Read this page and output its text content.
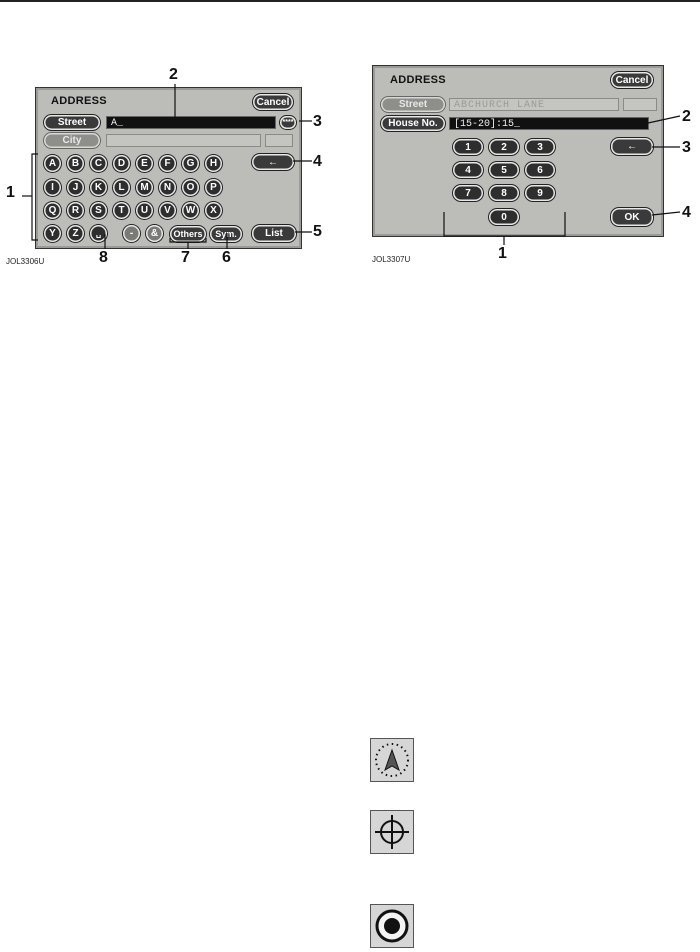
ADDRESS	Cancel
Street	A_	****
City
←
A	B	C	D	E	F	G	H
I	J	K	L	M	N	O	P
Q	R	S	T	U	V	W	X
Y	Z	␣	-	&	Others	Sym.	List
JOL3306U
1
2
3
4
5
6
7
8
ADDRESS	Cancel
Street	ABCHURCH LANE
House No.	[15-20]:15_
←
1	2	3
4	5	6
7	8	9
0	OK
JOL3307U	1
2
3
4
